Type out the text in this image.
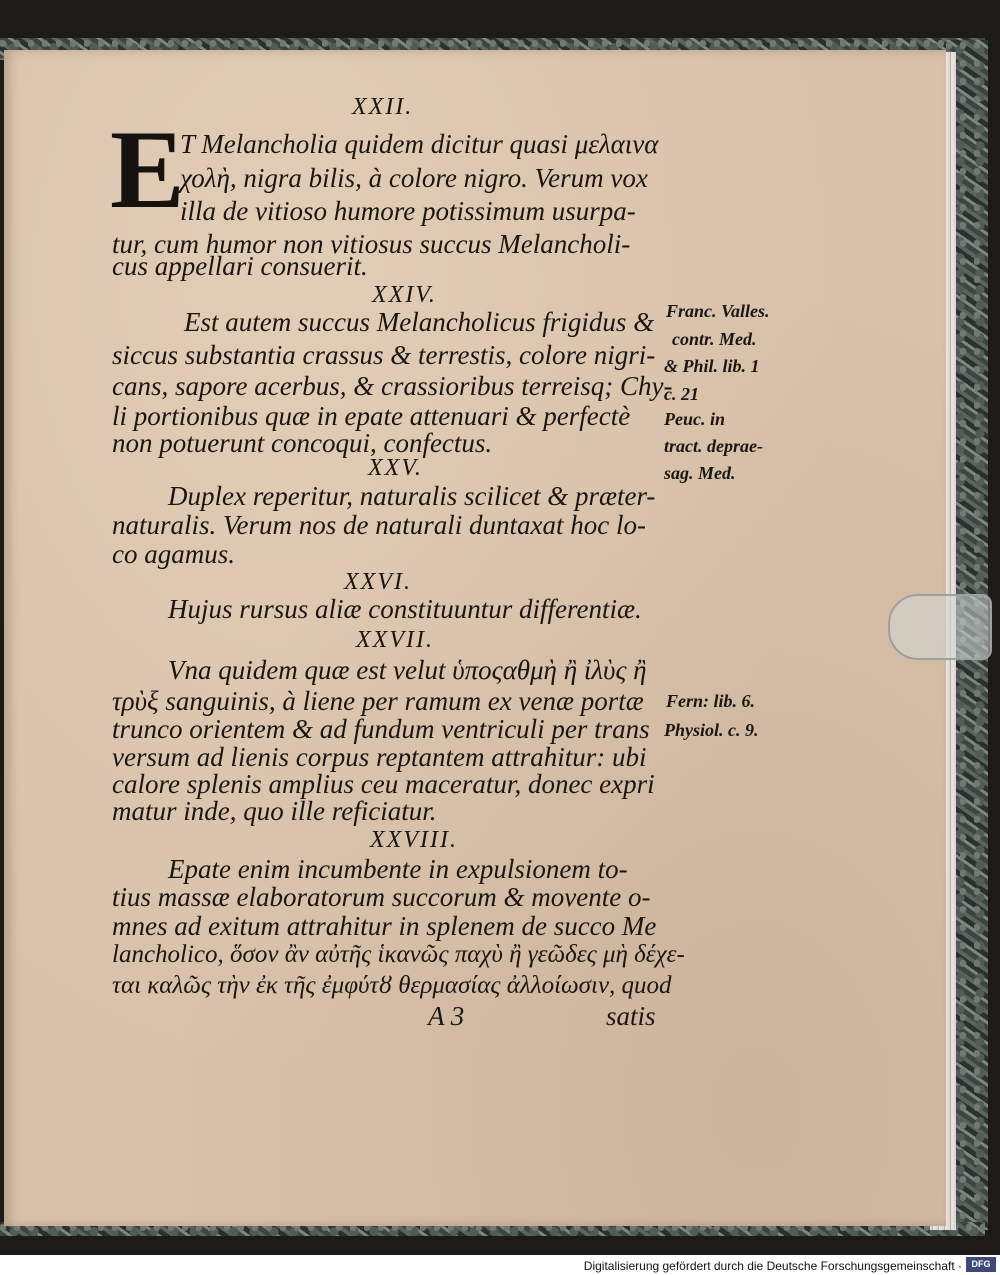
XXII.
XXIV.
XXV.
XXVI.
XXVII.
XXVIII.
E
T Melancholia quidem dicitur quasi μελαινα
χολὴ, nigra bilis, à colore nigro. Verum vox
illa de vitioso humore potissimum usurpa-
tur, cum humor non vitiosus succus Melancholi-
cus appellari consuerit.
Est autem succus Melancholicus frigidus &
siccus substantia crassus & terrestis, colore nigri-
cans, sapore acerbus, & crassioribus terreisq; Chy-
li portionibus quæ in epate attenuari & perfectè
non potuerunt concoqui, confectus.
Duplex reperitur, naturalis scilicet & præter-
naturalis. Verum nos de naturali duntaxat hoc lo-
co agamus.
Hujus rursus aliæ constituuntur differentiæ.
Vna quidem quæ est velut ὑποςαθμὴ ἢ ἰλὺς ἢ
τρὺξ sanguinis, à liene per ramum ex venæ portæ
trunco orientem & ad fundum ventriculi per trans
versum ad lienis corpus reptantem attrahitur: ubi
calore splenis amplius ceu maceratur, donec expri
matur inde, quo ille reficiatur.
Epate enim incumbente in expulsionem to-
tius massæ elaboratorum succorum & movente o-
mnes ad exitum attrahitur in splenem de succo Me
lancholico, ὅσον ἂν αὐτῆς ἱκανῶς παχὺ ἢ γεῶδες μὴ δέχε-
ται καλῶς τὴν ἐκ τῆς ἐμφύτȣ θερμασίας ἀλλοίωσιν, quod
A 3	satis
Franc. Valles.
contr. Med.
& Phil. lib. 1
c. 21
Peuc. in
tract. deprae-
sag. Med.
Fern: lib. 6.
Physiol. c. 9.
Digitalisierung gefördert durch die Deutsche Forschungsgemeinschaft ·	DFG
